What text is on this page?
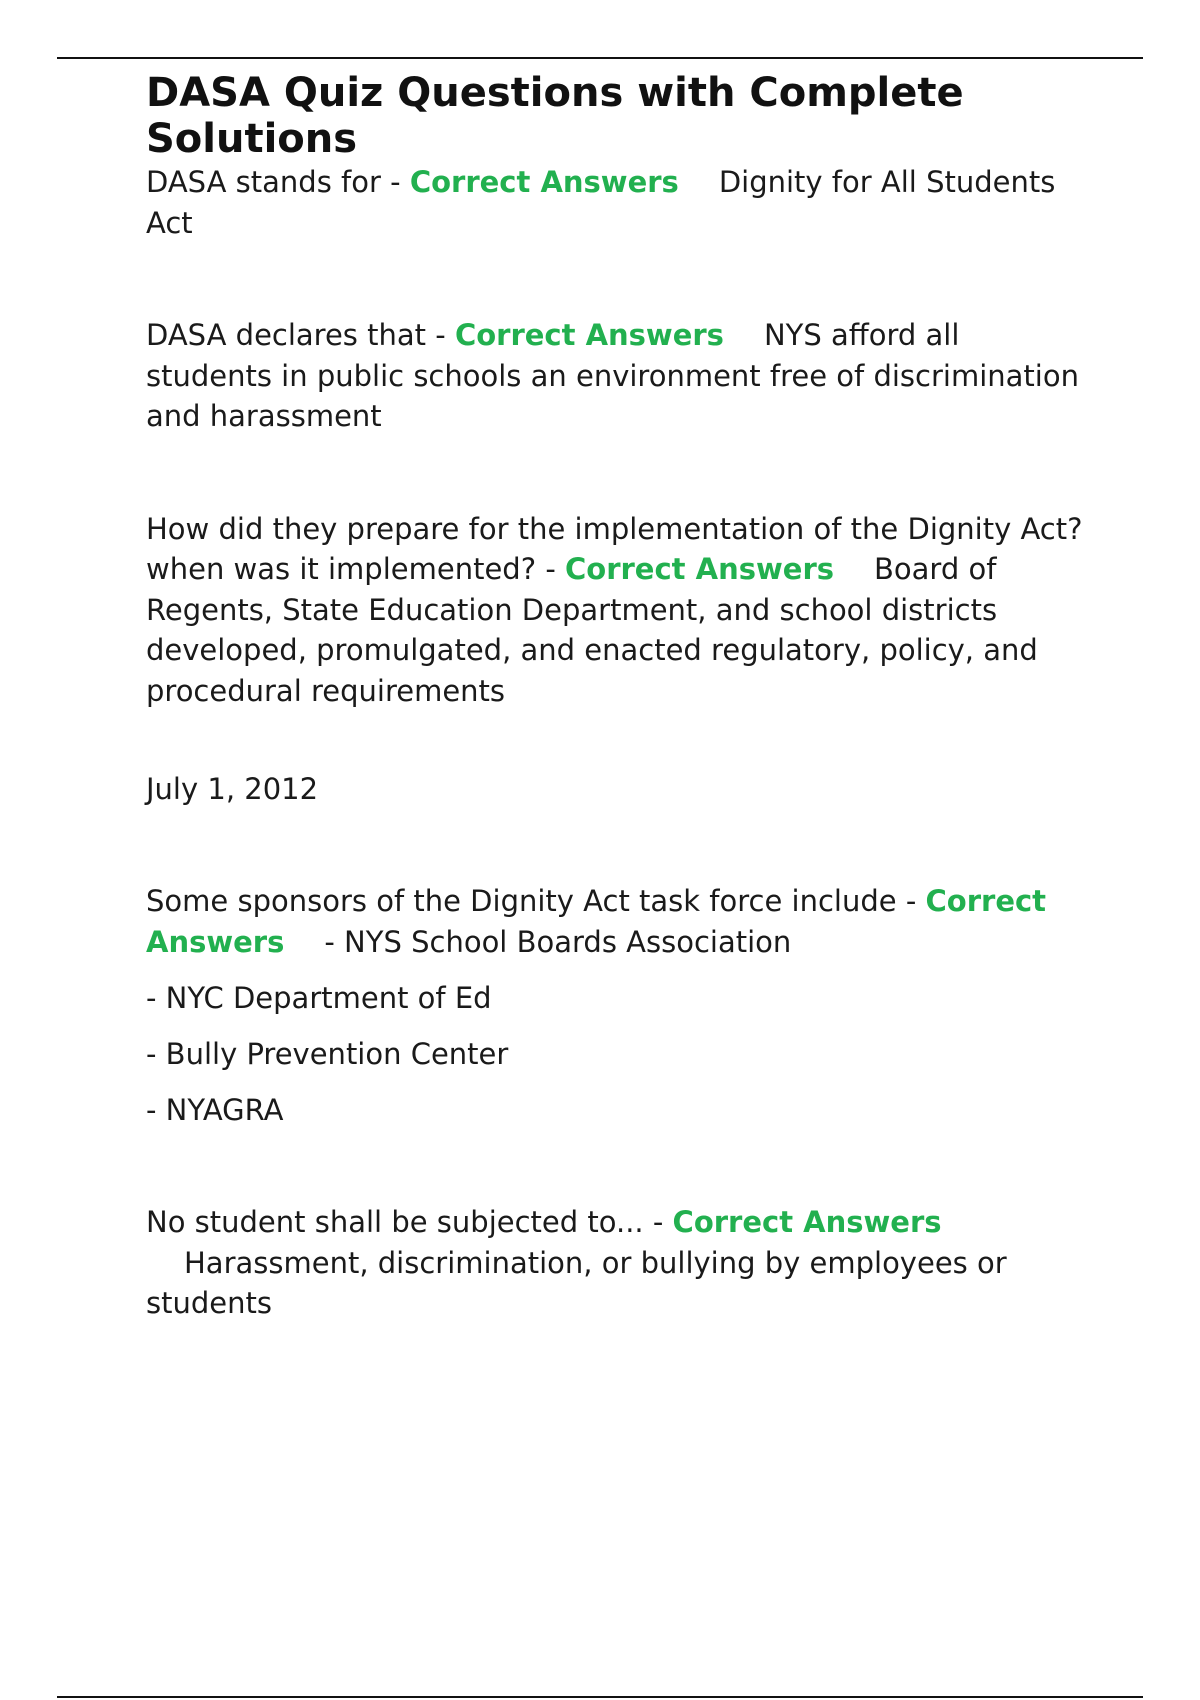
DASA Quiz Questions with Complete Solutions

DASA stands for - Correct Answers Dignity for All Students Act

DASA declares that - Correct Answers NYS afford all students in public schools an environment free of discrimination and harassment

How did they prepare for the implementation of the Dignity Act? when was it implemented? - Correct Answers Board of Regents, State Education Department, and school districts developed, promulgated, and enacted regulatory, policy, and procedural requirements

July 1, 2012

Some sponsors of the Dignity Act task force include - Correct Answers - NYS School Boards Association

- NYC Department of Ed

- Bully Prevention Center

- NYAGRA

No student shall be subjected to... - Correct Answers
Harassment, discrimination, or bullying by employees or students
